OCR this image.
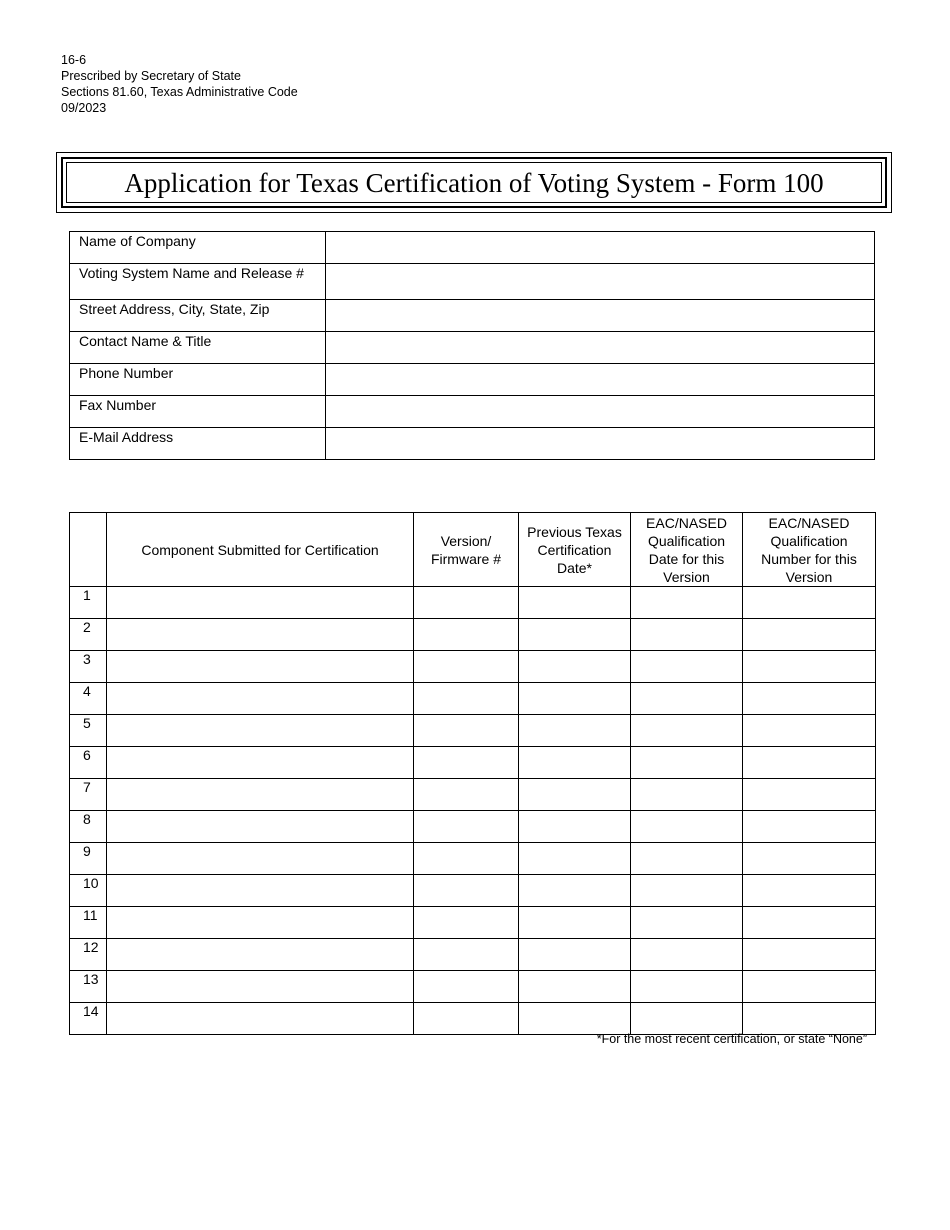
16-6
Prescribed by Secretary of State
Sections 81.60, Texas Administrative Code
09/2023
Application for Texas Certification of Voting System - Form 100
Name of Company	
Voting System Name and Release #	
Street Address, City, State, Zip	
Contact Name & Title	
Phone Number	
Fax Number	
E-Mail Address	
	Component Submitted for Certification	Version/ Firmware #	Previous Texas Certification Date*	EAC/NASED Qualification Date for this Version	EAC/NASED Qualification Number for this Version
1					
2					
3					
4					
5					
6					
7					
8					
9					
10					
11					
12					
13					
14					
*For the most recent certification, or state “None”
